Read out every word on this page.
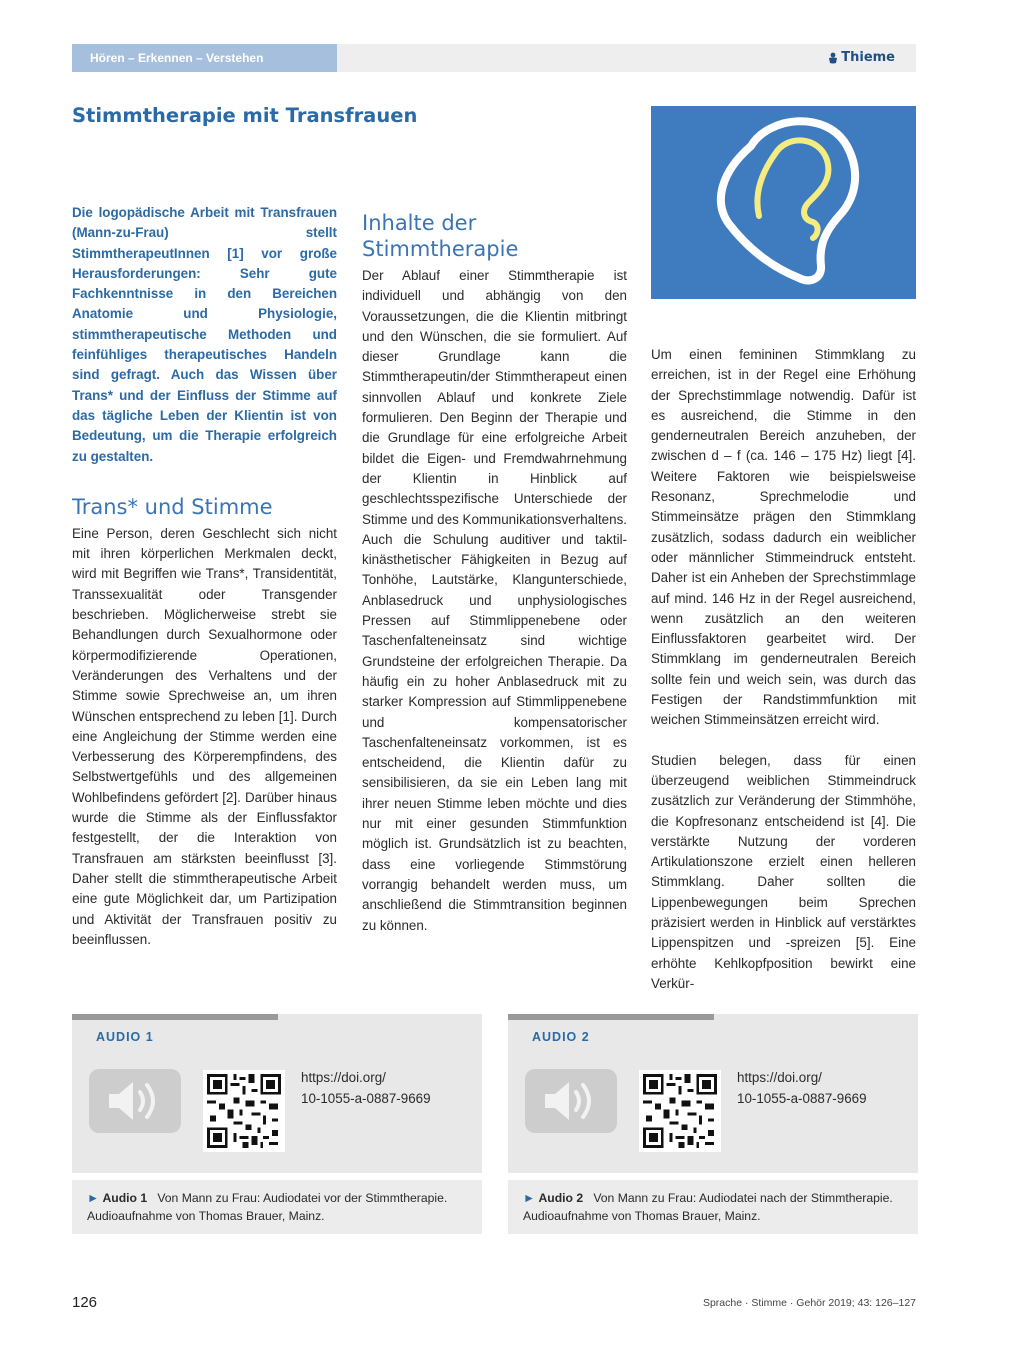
Hören – Erkennen – Verstehen	Thieme
Stimmtherapie mit Transfrauen

Die logopädische Arbeit mit Transfrauen (Mann-zu-Frau) stellt StimmtherapeutInnen [1] vor große Herausforderungen: Sehr gute Fachkenntnisse in den Bereichen Anatomie und Physiologie, stimmtherapeutische Methoden und feinfühliges therapeutisches Handeln sind gefragt. Auch das Wissen über Trans* und der Einfluss der Stimme auf das tägliche Leben der Klientin ist von Bedeutung, um die Therapie erfolgreich zu gestalten.

Trans* und Stimme

Eine Person, deren Geschlecht sich nicht mit ihren körperlichen Merkmalen deckt, wird mit Begriffen wie Trans*, Transidentität, Transsexualität oder Transgender beschrieben. Möglicherweise strebt sie Behandlungen durch Sexualhormone oder körpermodifizierende Operationen, Veränderungen des Verhaltens und der Stimme sowie Sprechweise an, um ihren Wünschen entsprechend zu leben [1]. Durch eine Angleichung der Stimme werden eine Verbesserung des Körperempfindens, des Selbstwertgefühls und des allgemeinen Wohlbefindens gefördert [2]. Darüber hinaus wurde die Stimme als der Einflussfaktor festgestellt, der die Interaktion von Transfrauen am stärksten beeinflusst [3]. Daher stellt die stimmtherapeutische Arbeit eine gute Möglichkeit dar, um Partizipation und Aktivität der Transfrauen positiv zu beeinflussen.

Inhalte der Stimmtherapie

Der Ablauf einer Stimmtherapie ist individuell und abhängig von den Voraussetzungen, die die Klientin mitbringt und den Wünschen, die sie formuliert. Auf dieser Grundlage kann die Stimmtherapeutin/der Stimmtherapeut einen sinnvollen Ablauf und konkrete Ziele formulieren. Den Beginn der Therapie und die Grundlage für eine erfolgreiche Arbeit bildet die Eigen- und Fremdwahrnehmung der Klientin in Hinblick auf geschlechtsspezifische Unterschiede der Stimme und des Kommunikationsverhaltens. Auch die Schulung auditiver und taktil-kinästhetischer Fähigkeiten in Bezug auf Tonhöhe, Lautstärke, Klangunterschiede, Anblasedruck und unphysiologisches Pressen auf Stimmlippenebene oder Taschenfalteneinsatz sind wichtige Grundsteine der erfolgreichen Therapie. Da häufig ein zu hoher Anblasedruck mit zu starker Kompression auf Stimmlippenebene und kompensatorischer Taschenfalteneinsatz vorkommen, ist es entscheidend, die Klientin dafür zu sensibilisieren, da sie ein Leben lang mit ihrer neuen Stimme leben möchte und dies nur mit einer gesunden Stimmfunktion möglich ist. Grundsätzlich ist zu beachten, dass eine vorliegende Stimmstörung vorrangig behandelt werden muss, um anschließend die Stimmtransition beginnen zu können.

Um einen femininen Stimmklang zu erreichen, ist in der Regel eine Erhöhung der Sprechstimmlage notwendig. Dafür ist es ausreichend, die Stimme in den genderneutralen Bereich anzuheben, der zwischen d – f (ca. 146 – 175 Hz) liegt [4]. Weitere Faktoren wie beispielsweise Resonanz, Sprechmelodie und Stimmeinsätze prägen den Stimmklang zusätzlich, sodass dadurch ein weiblicher oder männlicher Stimmeindruck entsteht. Daher ist ein Anheben der Sprechstimmlage auf mind. 146 Hz in der Regel ausreichend, wenn zusätzlich an den weiteren Einflussfaktoren gearbeitet wird. Der Stimmklang im genderneutralen Bereich sollte fein und weich sein, was durch das Festigen der Randstimmfunktion mit weichen Stimmeinsätzen erreicht wird.

Studien belegen, dass für einen überzeugend weiblichen Stimmeindruck zusätzlich zur Veränderung der Stimmhöhe, die Kopfresonanz entscheidend ist [4]. Die verstärkte Nutzung der vorderen Artikulationszone erzielt einen helleren Stimmklang. Daher sollten die Lippenbewegungen beim Sprechen präzisiert werden in Hinblick auf verstärktes Lippenspitzen und -spreizen [5]. Eine erhöhte Kehlkopfposition bewirkt eine Verkür-

AUDIO 1
https://doi.org/
10-1055-a-0887-9669
► Audio 1 Von Mann zu Frau: Audiodatei vor der Stimmtherapie. Audioaufnahme von Thomas Brauer, Mainz.
AUDIO 2
https://doi.org/
10-1055-a-0887-9669
► Audio 2 Von Mann zu Frau: Audiodatei nach der Stimmtherapie. Audioaufnahme von Thomas Brauer, Mainz.
126	Sprache · Stimme · Gehör 2019; 43: 126–127
